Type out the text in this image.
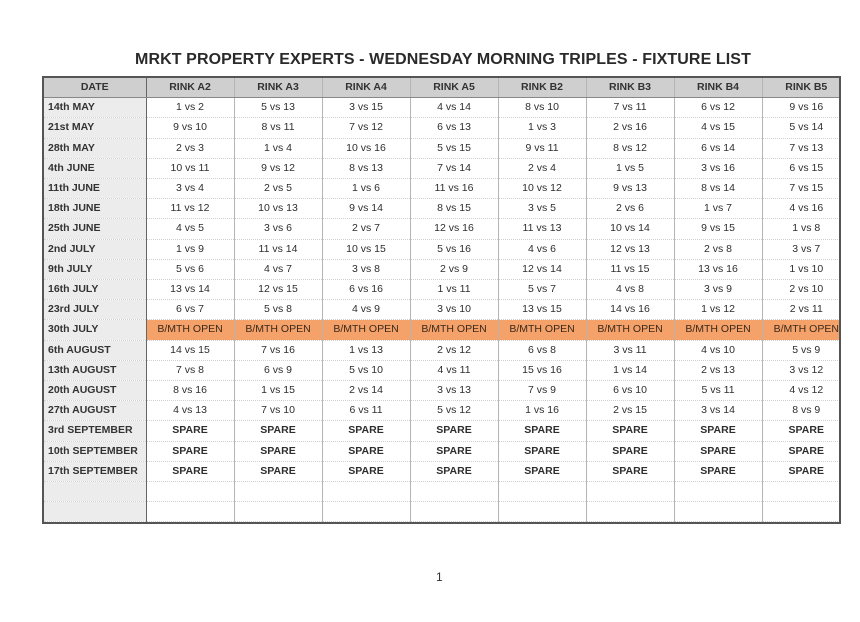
MRKT PROPERTY EXPERTS - WEDNESDAY MORNING TRIPLES - FIXTURE LIST
DATE	RINK A2	RINK A3	RINK A4	RINK A5	RINK B2	RINK B3	RINK B4	RINK B5
14th MAY	1 vs 2	5 vs 13	3 vs 15	4 vs 14	8 vs 10	7 vs 11	6 vs 12	9 vs 16
21st MAY	9 vs 10	8 vs 11	7 vs 12	6 vs 13	1 vs 3	2 vs 16	4 vs 15	5 vs 14
28th MAY	2 vs 3	1 vs 4	10 vs 16	5 vs 15	9 vs 11	8 vs 12	6 vs 14	7 vs 13
4th JUNE	10 vs 11	9 vs 12	8 vs 13	7 vs 14	2 vs 4	1 vs 5	3 vs 16	6 vs 15
11th JUNE	3 vs 4	2 vs 5	1 vs 6	11 vs 16	10 vs 12	9 vs 13	8 vs 14	7 vs 15
18th JUNE	11 vs 12	10 vs 13	9 vs 14	8 vs 15	3 vs 5	2 vs 6	1 vs 7	4 vs 16
25th JUNE	4 vs 5	3 vs 6	2 vs 7	12 vs 16	11 vs 13	10 vs 14	9 vs 15	1 vs 8
2nd JULY	1 vs 9	11 vs 14	10 vs 15	5 vs 16	4 vs 6	12 vs 13	2 vs 8	3 vs 7
9th JULY	5 vs 6	4 vs 7	3 vs 8	2 vs 9	12 vs 14	11 vs 15	13 vs 16	1 vs 10
16th JULY	13 vs 14	12 vs 15	6 vs 16	1 vs 11	5 vs 7	4 vs 8	3 vs 9	2 vs 10
23rd JULY	6 vs 7	5 vs 8	4 vs 9	3 vs 10	13 vs 15	14 vs 16	1 vs 12	2 vs 11
30th JULY	B/MTH OPEN	B/MTH OPEN	B/MTH OPEN	B/MTH OPEN	B/MTH OPEN	B/MTH OPEN	B/MTH OPEN	B/MTH OPEN
6th AUGUST	14 vs 15	7 vs 16	1 vs 13	2 vs 12	6 vs 8	3 vs 11	4 vs 10	5 vs 9
13th AUGUST	7 vs 8	6 vs 9	5 vs 10	4 vs 11	15 vs 16	1 vs 14	2 vs 13	3 vs 12
20th AUGUST	8 vs 16	1 vs 15	2 vs 14	3 vs 13	7 vs 9	6 vs 10	5 vs 11	4 vs 12
27th AUGUST	4 vs 13	7 vs 10	6 vs 11	5 vs 12	1 vs 16	2 vs 15	3 vs 14	8 vs 9
3rd SEPTEMBER	SPARE	SPARE	SPARE	SPARE	SPARE	SPARE	SPARE	SPARE
10th SEPTEMBER	SPARE	SPARE	SPARE	SPARE	SPARE	SPARE	SPARE	SPARE
17th SEPTEMBER	SPARE	SPARE	SPARE	SPARE	SPARE	SPARE	SPARE	SPARE

1
